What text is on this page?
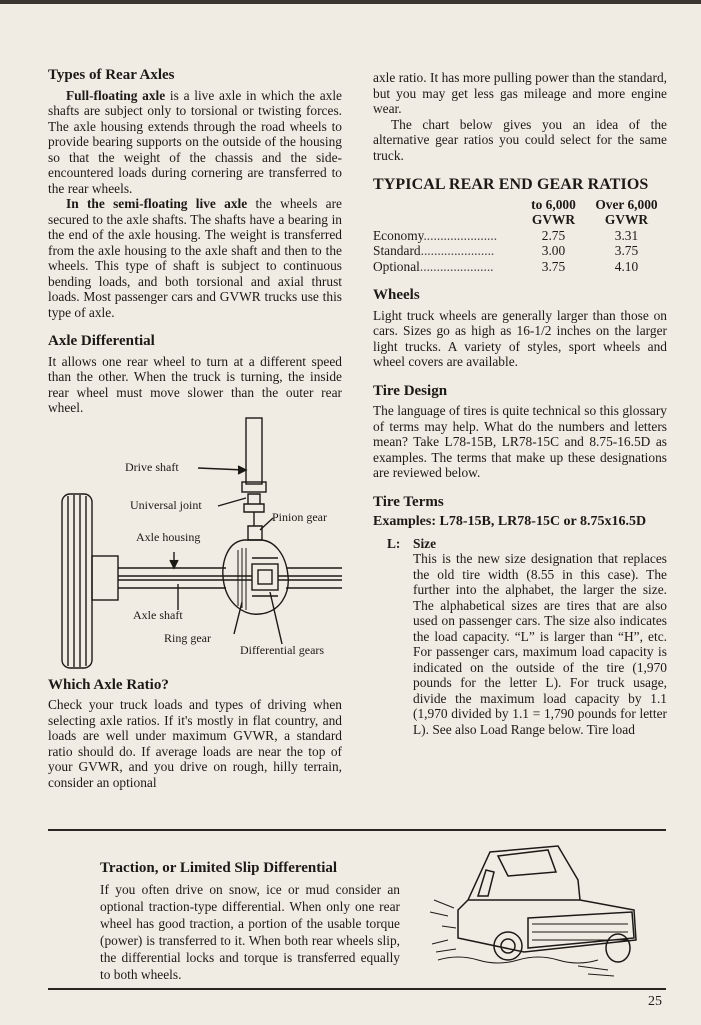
Types of Rear Axles

Full-floating axle is a live axle in which the axle shafts are subject only to torsional or twisting forces. The axle housing extends through the road wheels to provide bearing supports on the outside of the housing so that the weight of the chassis and the side-encountered loads during cornering are transferred to the rear wheels.

In the semi-floating live axle the wheels are secured to the axle shafts. The shafts have a bearing in the end of the axle housing. The weight is transferred from the axle housing to the axle shaft and then to the wheels. This type of shaft is subject to continuous bending loads, and both torsional and axial thrust loads. Most passenger cars and GVWR trucks use this type of axle.

Axle Differential

It allows one rear wheel to turn at a different speed than the other. When the truck is turning, the inside rear wheel must move slower than the outer rear wheel.

Drive shaft
Universal joint
Pinion gear
Axle housing
Axle shaft
Ring gear
Differential gears
Which Axle Ratio?

Check your truck loads and types of driving when selecting axle ratios. If it's mostly in flat country, and loads are well under maximum GVWR, a standard ratio should do. If average loads are near the top of your GVWR, and you drive on rough, hilly terrain, consider an optional

axle ratio. It has more pulling power than the standard, but you may get less gas mileage and more engine wear.

The chart below gives you an idea of the alternative gear ratios you could select for the same truck.

TYPICAL REAR END GEAR RATIOS
	to 6,000	Over 6,000
	GVWR	GVWR
Economy......................	2.75	3.31
Standard......................	3.00	3.75
Optional......................	3.75	4.10
Wheels

Light truck wheels are generally larger than those on cars. Sizes go as high as 16-1/2 inches on the larger light trucks. A variety of styles, sport wheels and wheel covers are available.

Tire Design

The language of tires is quite technical so this glossary of terms may help. What do the numbers and letters mean? Take L78-15B, LR78-15C and 8.75-16.5D as examples. The terms that make up these designations are reviewed below.

Tire Terms
Examples: L78-15B, LR78-15C or 8.75x16.5D
L: Size

This is the new size designation that replaces the old tire width (8.55 in this case). The further into the alphabet, the larger the size. The alphabetical sizes are tires that are also used on passenger cars. The size also indicates the load capacity. “L” is larger than “H”, etc. For passenger cars, maximum load capacity is indicated on the outside of the tire (1,970 pounds for the letter L). For truck usage, divide the maximum load capacity by 1.1 (1,970 divided by 1.1 = 1,790 pounds for letter L). See also Load Range below. Tire load

Traction, or Limited Slip Differential

If you often drive on snow, ice or mud consider an optional traction-type differential. When only one rear wheel has good traction, a portion of the usable torque (power) is transferred to it. When both rear wheels slip, the differential locks and torque is transferred equally to both wheels.

25
